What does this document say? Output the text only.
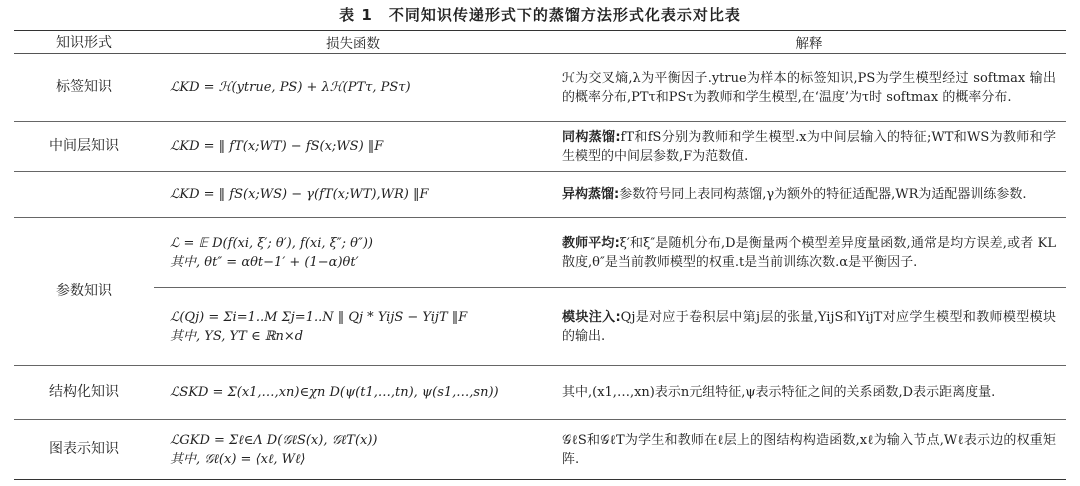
表 1　不同知识传递形式下的蒸馏方法形式化表示对比表
知识形式	损失函数	解释
标签知识	ℒKD = ℋ(ytrue, PS) + λℋ(PTτ, PSτ)	ℋ为交叉熵,λ为平衡因子.ytrue为样本的标签知识,PS为学生模型经过 softmax 输出的概率分布,PTτ和PSτ为教师和学生模型,在‘温度’为τ时 softmax 的概率分布.

中间层知识	ℒKD = ‖ fT(x;WT) − fS(x;WS) ‖F	同构蒸馏:fT和fS分别为教师和学生模型.x为中间层输入的特征;WT和WS为教师和学生模型的中间层参数,F为范数值.

	ℒKD = ‖ fS(x;WS) − γ(fT(x;WT),WR) ‖F	异构蒸馏:参数符号同上表同构蒸馏,γ为额外的特征适配器,WR为适配器训练参数.

参数知识	ℒ = 𝔼 D(f(xi, ξ′; θ′), f(xi, ξ″; θ″))
其中, θt″ = αθt−1′ + (1−α)θt′	教师平均:ξ′和ξ″是随机分布,D是衡量两个模型差异度量函数,通常是均方误差,或者 KL 散度,θ″是当前教师模型的权重.t是当前训练次数.α是平衡因子.

	ℒ(Qj) = Σi=1..M Σj=1..N ‖ Qj * YijS − YijT ‖F
其中, YS, YT ∈ ℝn×d	模块注入:Qj是对应于卷积层中第j层的张量,YijS和YijT对应学生模型和教师模型模块的输出.

结构化知识	ℒSKD = Σ(x1,…,xn)∈χn D(ψ(t1,…,tn), ψ(s1,…,sn))	其中,(x1,…,xn)表示n元组特征,ψ表示特征之间的关系函数,D表示距离度量.

图表示知识	ℒGKD = Σℓ∈Λ D(𝒢ℓS(x), 𝒢ℓT(x))
其中, 𝒢ℓ(x) = ⟨xℓ, Wℓ⟩	𝒢ℓS和𝒢ℓT为学生和教师在ℓ层上的图结构构造函数,xℓ为输入节点,Wℓ表示边的权重矩阵.
